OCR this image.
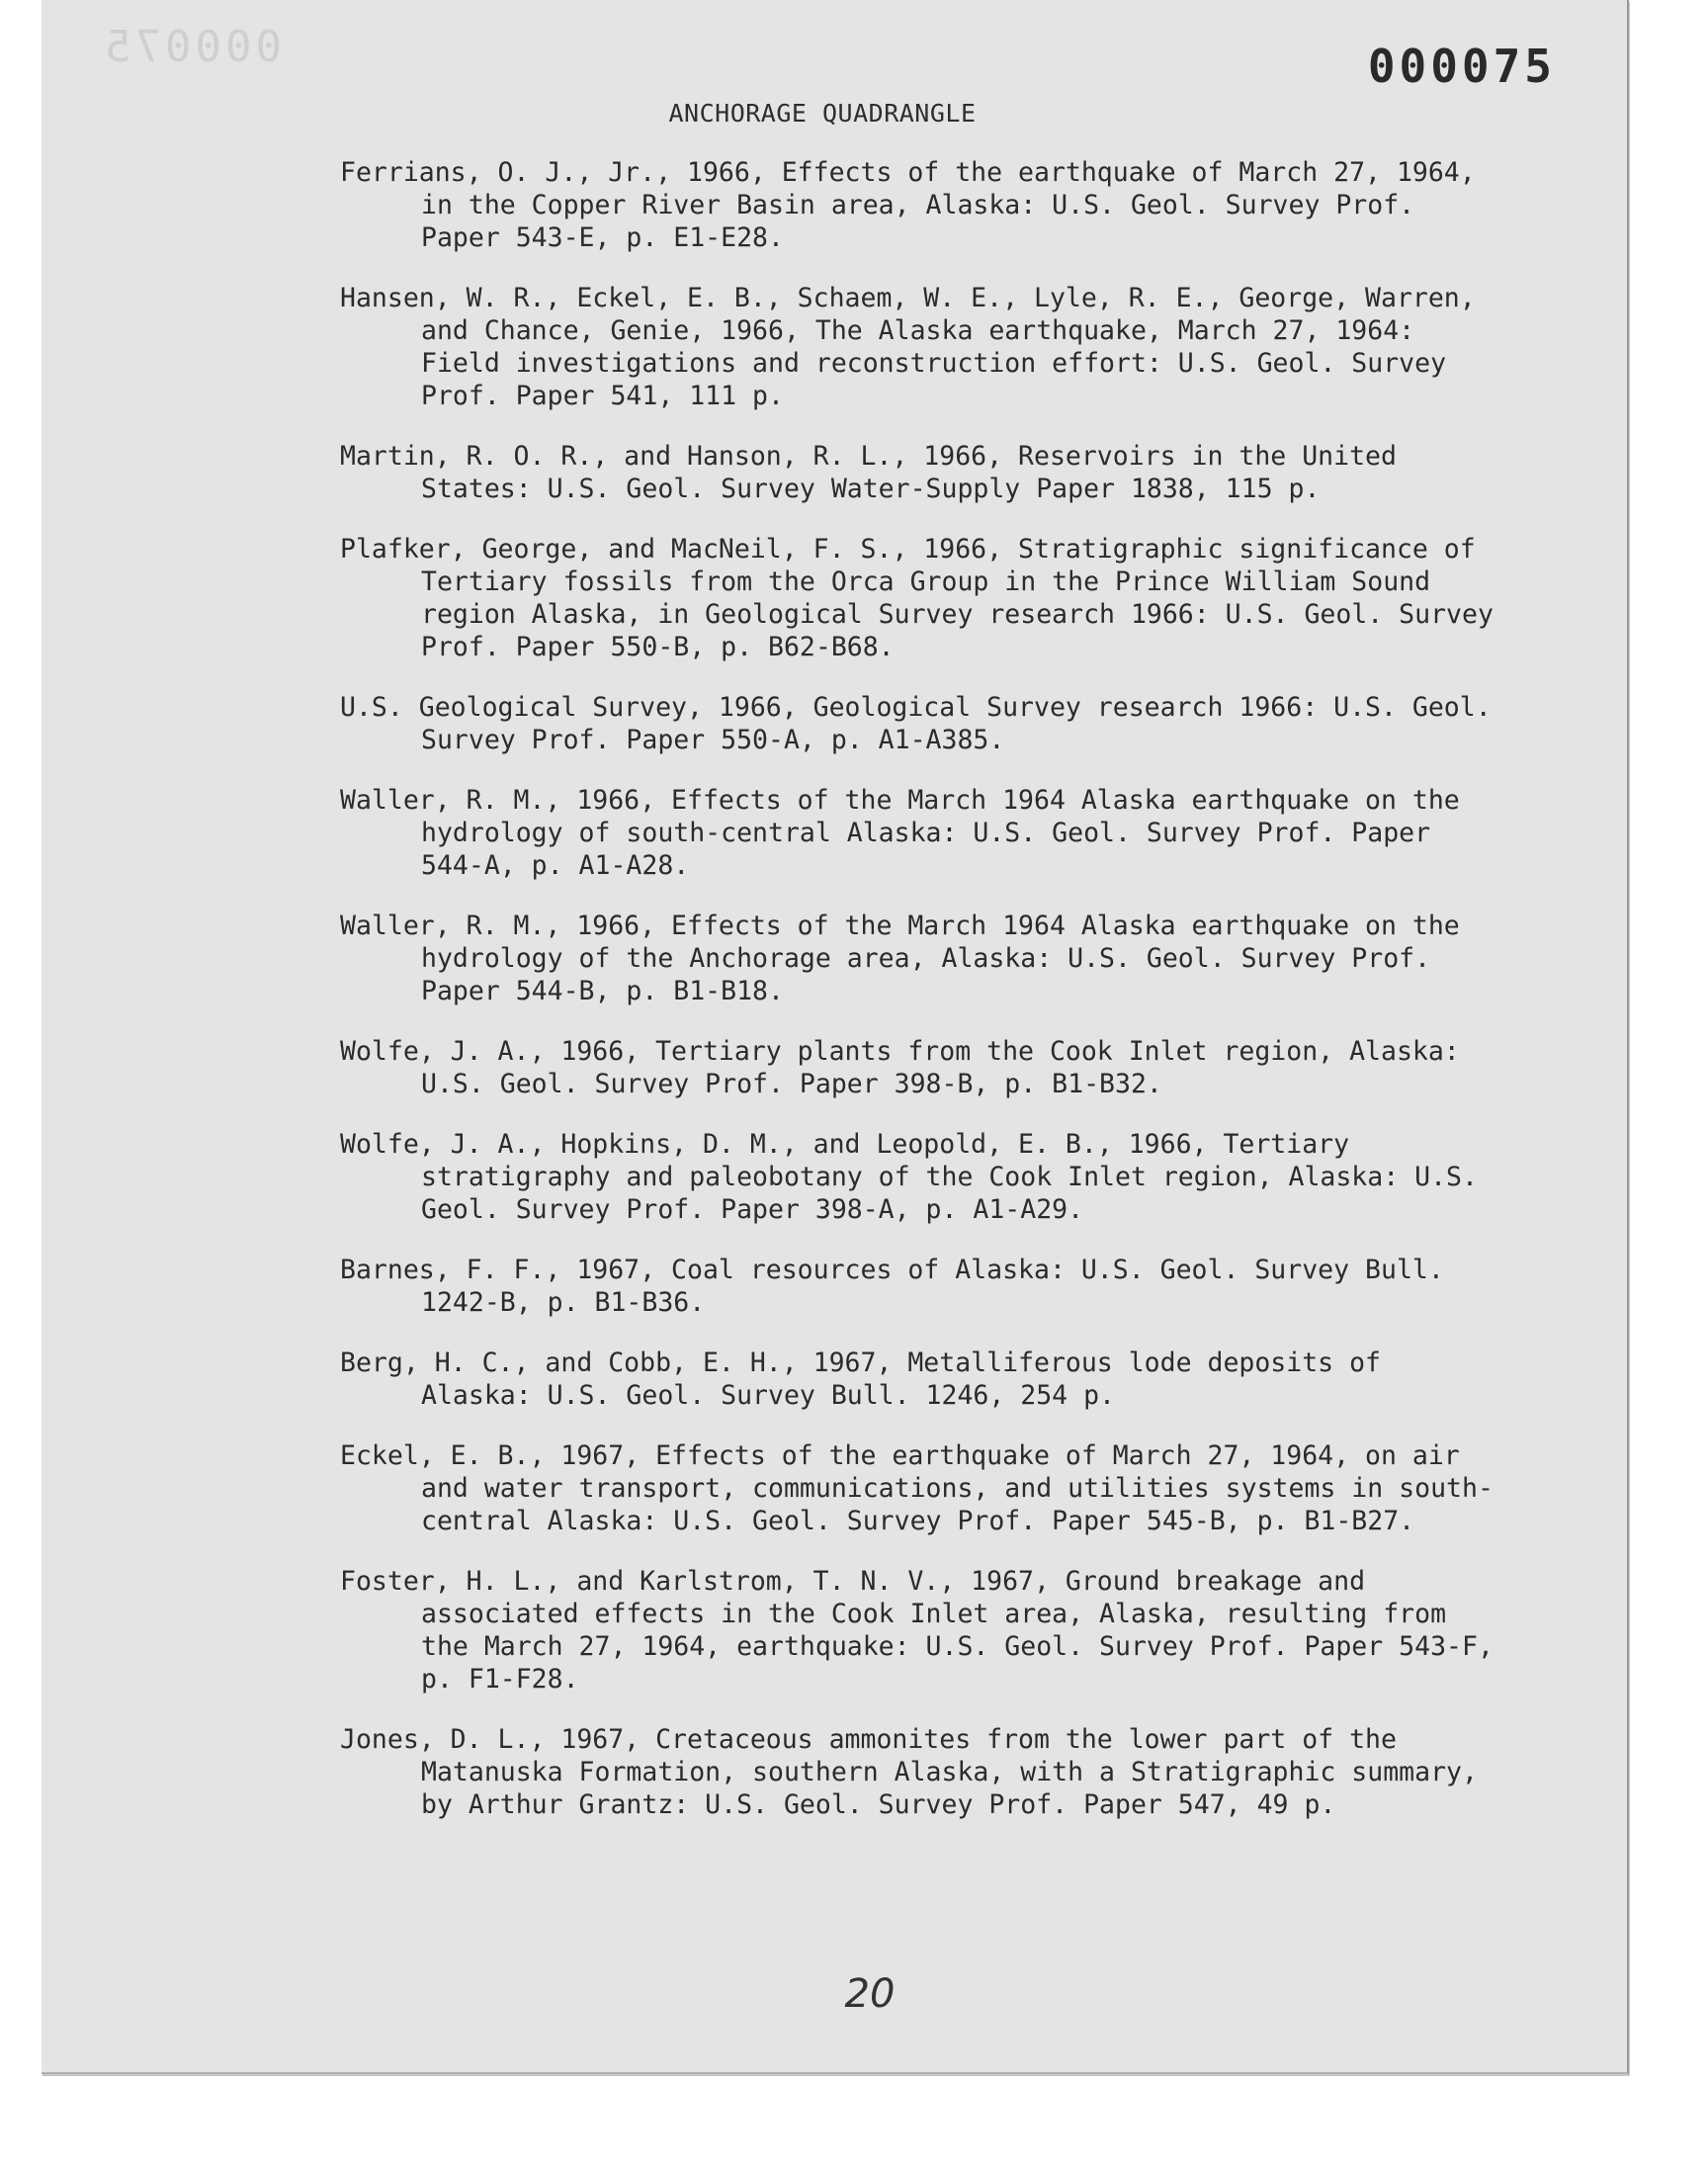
000075	000075
ANCHORAGE QUADRANGLE
Ferrians, O. J., Jr., 1966, Effects of the earthquake of March 27, 1964, in the Copper River Basin area, Alaska: U.S. Geol. Survey Prof. Paper 543-E, p. E1-E28.
Hansen, W. R., Eckel, E. B., Schaem, W. E., Lyle, R. E., George, Warren, and Chance, Genie, 1966, The Alaska earthquake, March 27, 1964: Field investigations and reconstruction effort: U.S. Geol. Survey Prof. Paper 541, 111 p.
Martin, R. O. R., and Hanson, R. L., 1966, Reservoirs in the United States: U.S. Geol. Survey Water-Supply Paper 1838, 115 p.
Plafker, George, and MacNeil, F. S., 1966, Stratigraphic significance of Tertiary fossils from the Orca Group in the Prince William Sound region Alaska, in Geological Survey research 1966: U.S. Geol. Survey Prof. Paper 550-B, p. B62-B68.
U.S. Geological Survey, 1966, Geological Survey research 1966: U.S. Geol. Survey Prof. Paper 550-A, p. A1-A385.
Waller, R. M., 1966, Effects of the March 1964 Alaska earthquake on the hydrology of south-central Alaska: U.S. Geol. Survey Prof. Paper 544-A, p. A1-A28.
Waller, R. M., 1966, Effects of the March 1964 Alaska earthquake on the hydrology of the Anchorage area, Alaska: U.S. Geol. Survey Prof. Paper 544-B, p. B1-B18.
Wolfe, J. A., 1966, Tertiary plants from the Cook Inlet region, Alaska: U.S. Geol. Survey Prof. Paper 398-B, p. B1-B32.
Wolfe, J. A., Hopkins, D. M., and Leopold, E. B., 1966, Tertiary stratigraphy and paleobotany of the Cook Inlet region, Alaska: U.S. Geol. Survey Prof. Paper 398-A, p. A1-A29.
Barnes, F. F., 1967, Coal resources of Alaska: U.S. Geol. Survey Bull. 1242-B, p. B1-B36.
Berg, H. C., and Cobb, E. H., 1967, Metalliferous lode deposits of Alaska: U.S. Geol. Survey Bull. 1246, 254 p.
Eckel, E. B., 1967, Effects of the earthquake of March 27, 1964, on air and water transport, communications, and utilities systems in south-central Alaska: U.S. Geol. Survey Prof. Paper 545-B, p. B1-B27.
Foster, H. L., and Karlstrom, T. N. V., 1967, Ground breakage and associated effects in the Cook Inlet area, Alaska, resulting from the March 27, 1964, earthquake: U.S. Geol. Survey Prof. Paper 543-F, p. F1-F28.
Jones, D. L., 1967, Cretaceous ammonites from the lower part of the Matanuska Formation, southern Alaska, with a Stratigraphic summary, by Arthur Grantz: U.S. Geol. Survey Prof. Paper 547, 49 p.
20
